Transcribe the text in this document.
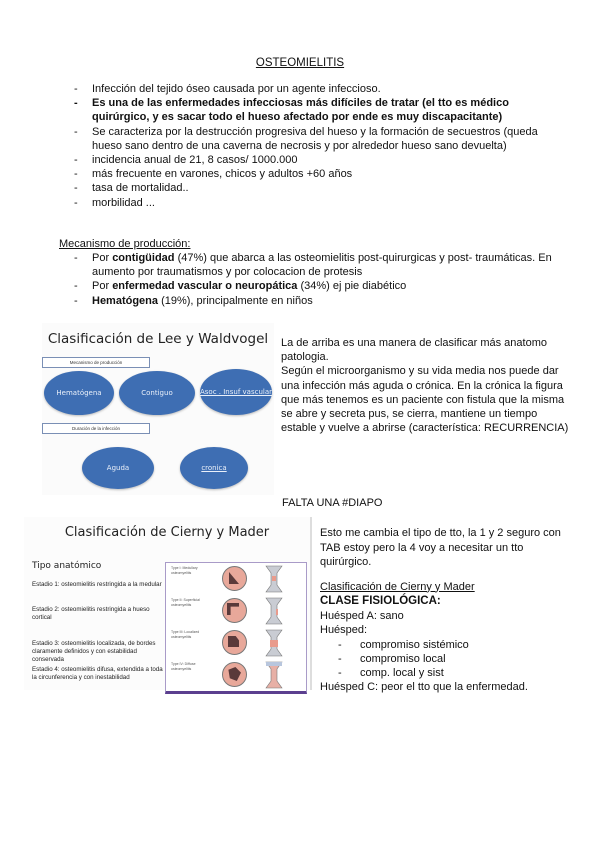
OSTEOMIELITIS
- Infección del tejido óseo causada por un agente infeccioso.
- Es una de las enfermedades infecciosas más difíciles de tratar (el tto es médico quirúrgico, y es sacar todo el hueso afectado por ende es muy discapacitante)
- Se caracteriza por la destrucción progresiva del hueso y la formación de secuestros (queda hueso sano dentro de una caverna de necrosis y por alrededor hueso sano devuelta)
- incidencia anual de 21, 8 casos/ 1000.000
- más frecuente en varones, chicos y adultos +60 años
- tasa de mortalidad..
- morbilidad ...
Mecanismo de producción:
- Por contigüidad (47%) que abarca a las osteomielitis post-quirurgicas y post- traumáticas. En aumento por traumatismos y por colocacion de protesis
- Por enfermedad vascular o neuropática (34%) ej pie diabético
- Hematógena (19%), principalmente en niños
Clasificación de Lee y Waldvogel
Mecanismo de producción
Hematógena	Contiguo	Asoc . Insuf vascular
Duración de la infección
Aguda	cronica
La de arriba es una manera de clasificar más anatomo patologia.
Según el microorganismo y su vida media nos puede dar una infección más aguda o crónica. En la crónica la figura que más tenemos es un paciente con fistula que la misma se abre y secreta pus, se cierra, mantiene un tiempo estable y vuelve a abrirse (característica: RECURRENCIA)
FALTA UNA #DIAPO
Clasificación de Cierny y Mader
Tipo anatómico
Estadio 1: osteomielitis restringida a la medular
Estadio 2: osteomielitis restringida a hueso cortical
Estadio 3: osteomielitis localizada, de bordes claramente definidos y con estabilidad conservada
Estadio 4: osteomielitis difusa, extendida a toda la circunferencia y con inestabilidad
Type I: Medullary osteomyelitis
Type II: Superficial osteomyelitis
Type III: Localized osteomyelitis
Type IV: Diffuse osteomyelitis
Esto me cambia el tipo de tto, la 1 y 2 seguro con TAB estoy pero la 4 voy a necesitar un tto quirúrgico.
Clasificación de Cierny y Mader
CLASE FISIOLÓGICA:
Huésped A: sano
Huésped:
- compromiso sistémico
- compromiso local
- comp. local y sist
Huésped C: peor el tto que la enfermedad.
